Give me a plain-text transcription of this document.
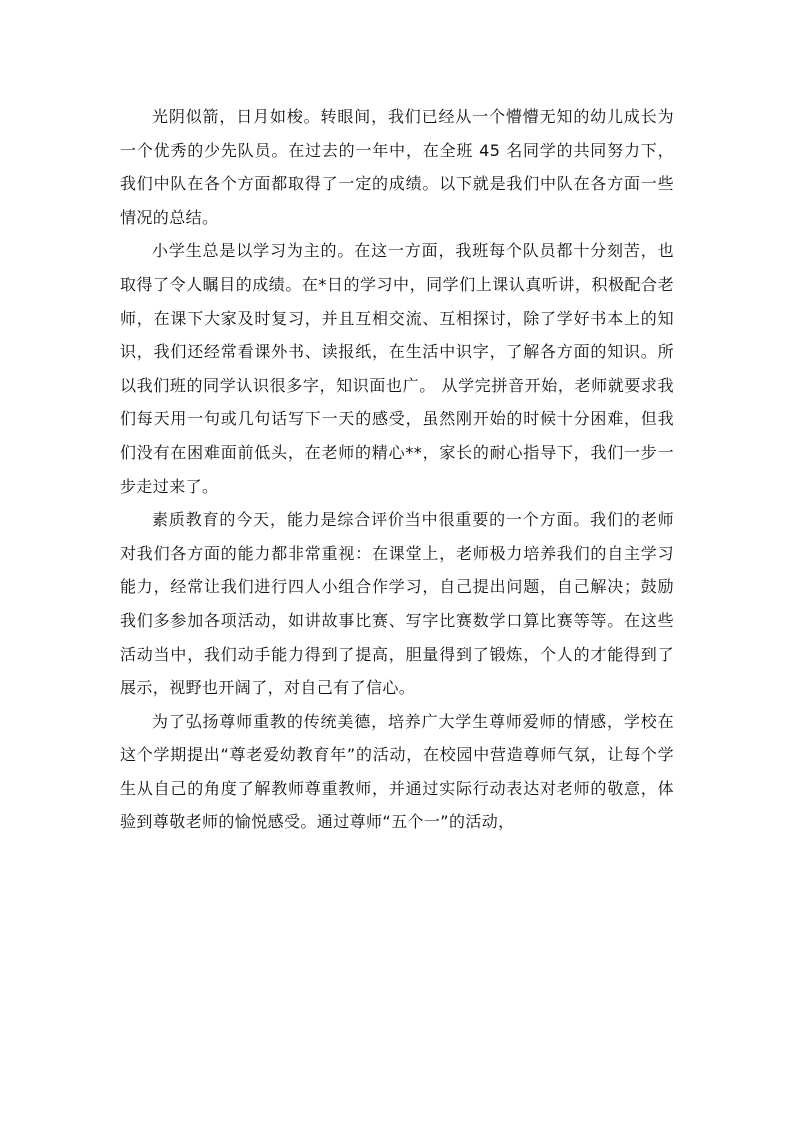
光阴似箭，日月如梭。转眼间，我们已经从一个懵懵无知的幼儿成长为一个优秀的少先队员。在过去的一年中，在全班 45 名同学的共同努力下，我们中队在各个方面都取得了一定的成绩。以下就是我们中队在各方面一些情况的总结。

小学生总是以学习为主的。在这一方面，我班每个队员都十分刻苦，也取得了令人瞩目的成绩。在*日的学习中，同学们上课认真听讲，积极配合老师，在课下大家及时复习，并且互相交流、互相探讨，除了学好书本上的知识，我们还经常看课外书、读报纸，在生活中识字，了解各方面的知识。所以我们班的同学认识很多字，知识面也广。 从学完拼音开始，老师就要求我们每天用一句或几句话写下一天的感受，虽然刚开始的时候十分困难，但我们没有在困难面前低头，在老师的精心**，家长的耐心指导下，我们一步一步走过来了。

素质教育的今天，能力是综合评价当中很重要的一个方面。我们的老师对我们各方面的能力都非常重视：在课堂上，老师极力培养我们的自主学习能力，经常让我们进行四人小组合作学习，自己提出问题，自己解决；鼓励我们多参加各项活动，如讲故事比赛、写字比赛数学口算比赛等等。在这些活动当中，我们动手能力得到了提高，胆量得到了锻炼，个人的才能得到了展示，视野也开阔了，对自己有了信心。

为了弘扬尊师重教的传统美德，培养广大学生尊师爱师的情感，学校在这个学期提出“尊老爱幼教育年”的活动，在校园中营造尊师气氛，让每个学生从自己的角度了解教师尊重教师，并通过实际行动表达对老师的敬意，体验到尊敬老师的愉悦感受。通过尊师“五个一”的活动，
